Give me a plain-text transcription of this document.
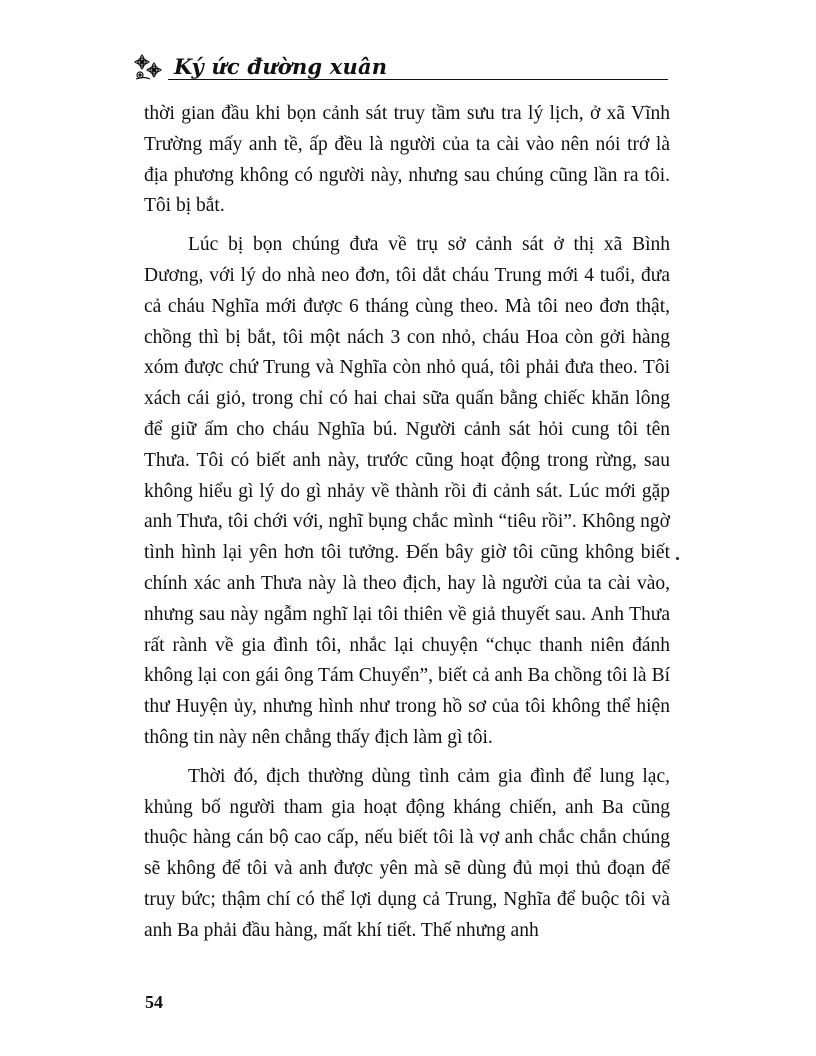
Ký ức đường xuân

thời gian đầu khi bọn cảnh sát truy tầm sưu tra lý lịch, ở xã Vĩnh Trường mấy anh tề, ấp đều là người của ta cài vào nên nói trớ là địa phương không có người này, nhưng sau chúng cũng lần ra tôi. Tôi bị bắt.

Lúc bị bọn chúng đưa về trụ sở cảnh sát ở thị xã Bình Dương, với lý do nhà neo đơn, tôi dắt cháu Trung mới 4 tuổi, đưa cả cháu Nghĩa mới được 6 tháng cùng theo. Mà tôi neo đơn thật, chồng thì bị bắt, tôi một nách 3 con nhỏ, cháu Hoa còn gởi hàng xóm được chứ Trung và Nghĩa còn nhỏ quá, tôi phải đưa theo. Tôi xách cái giỏ, trong chỉ có hai chai sữa quấn bằng chiếc khăn lông để giữ ấm cho cháu Nghĩa bú. Người cảnh sát hỏi cung tôi tên Thưa. Tôi có biết anh này, trước cũng hoạt động trong rừng, sau không hiểu gì lý do gì nhảy về thành rồi đi cảnh sát. Lúc mới gặp anh Thưa, tôi chới với, nghĩ bụng chắc mình “tiêu rồi”. Không ngờ tình hình lại yên hơn tôi tưởng. Đến bây giờ tôi cũng không biết chính xác anh Thưa này là theo địch, hay là người của ta cài vào, nhưng sau này ngẫm nghĩ lại tôi thiên về giả thuyết sau. Anh Thưa rất rành về gia đình tôi, nhắc lại chuyện “chục thanh niên đánh không lại con gái ông Tám Chuyển”, biết cả anh Ba chồng tôi là Bí thư Huyện ủy, nhưng hình như trong hồ sơ của tôi không thể hiện thông tin này nên chẳng thấy địch làm gì tôi.

Thời đó, địch thường dùng tình cảm gia đình để lung lạc, khủng bố người tham gia hoạt động kháng chiến, anh Ba cũng thuộc hàng cán bộ cao cấp, nếu biết tôi là vợ anh chắc chắn chúng sẽ không để tôi và anh được yên mà sẽ dùng đủ mọi thủ đoạn để truy bức; thậm chí có thể lợi dụng cả Trung, Nghĩa để buộc tôi và anh Ba phải đầu hàng, mất khí tiết. Thế nhưng anh

54
